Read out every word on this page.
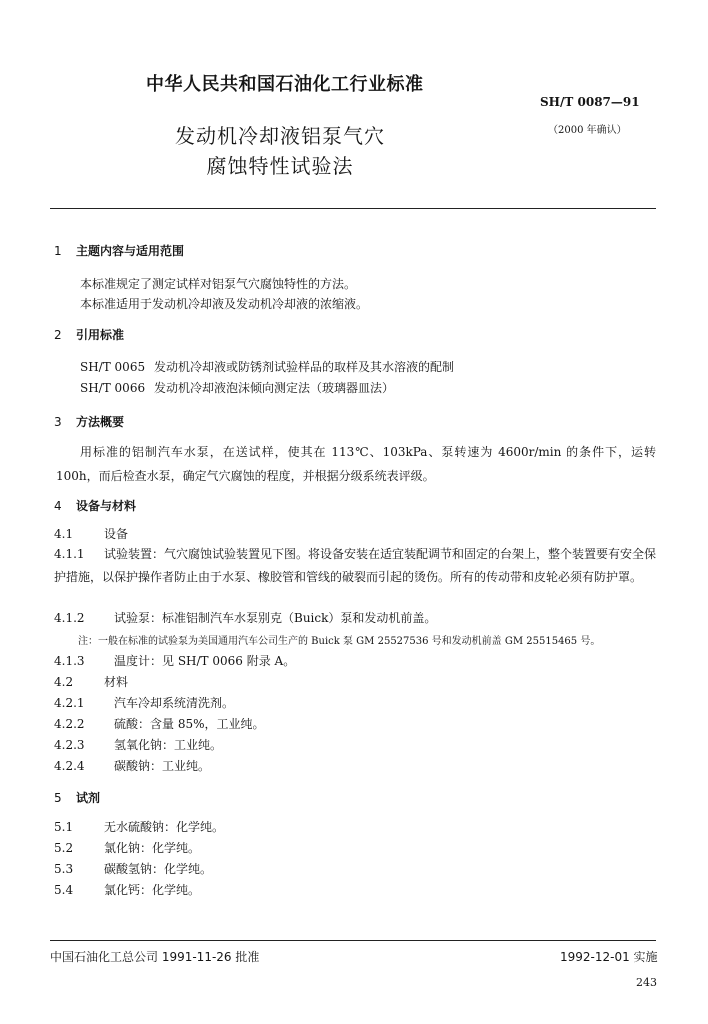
中华人民共和国石油化工行业标准
SH/T 0087—91
（2000 年确认）
发动机冷却液铝泵气穴
腐蚀特性试验法
1 主题内容与适用范围
本标准规定了测定试样对铝泵气穴腐蚀特性的方法。
本标准适用于发动机冷却液及发动机冷却液的浓缩液。
2 引用标准
SH/T 0065 发动机冷却液或防锈剂试验样品的取样及其水溶液的配制
SH/T 0066 发动机冷却液泡沫倾向测定法（玻璃器皿法）
3 方法概要
用标准的铝制汽车水泵，在送试样，使其在 113℃、103kPa、泵转速为 4600r/min 的条件下，运转 100h，而后检查水泵，确定气穴腐蚀的程度，并根据分级系统表评级。
4 设备与材料
4.1	设备
4.1.1 试验装置：气穴腐蚀试验装置见下图。将设备安装在适宜装配调节和固定的台架上，整个装置要有安全保护措施，以保护操作者防止由于水泵、橡胶管和管线的破裂而引起的烫伤。所有的传动带和皮轮必须有防护罩。
4.1.2 试验泵：标准铝制汽车水泵别克（Buick）泵和发动机前盖。
注：一般在标准的试验泵为美国通用汽车公司生产的 Buick 泵 GM 25527536 号和发动机前盖 GM 25515465 号。
4.1.3 温度计：见 SH/T 0066 附录 A。
4.2	材料
4.2.1 汽车冷却系统清洗剂。
4.2.2 硫酸：含量 85%，工业纯。
4.2.3 氢氧化钠：工业纯。
4.2.4 碳酸钠：工业纯。
5 试剂
5.1	无水硫酸钠：化学纯。
5.2	氯化钠：化学纯。
5.3	碳酸氢钠：化学纯。
5.4	氯化钙：化学纯。
中国石油化工总公司 1991-11-26 批准	1992-12-01 实施
243
